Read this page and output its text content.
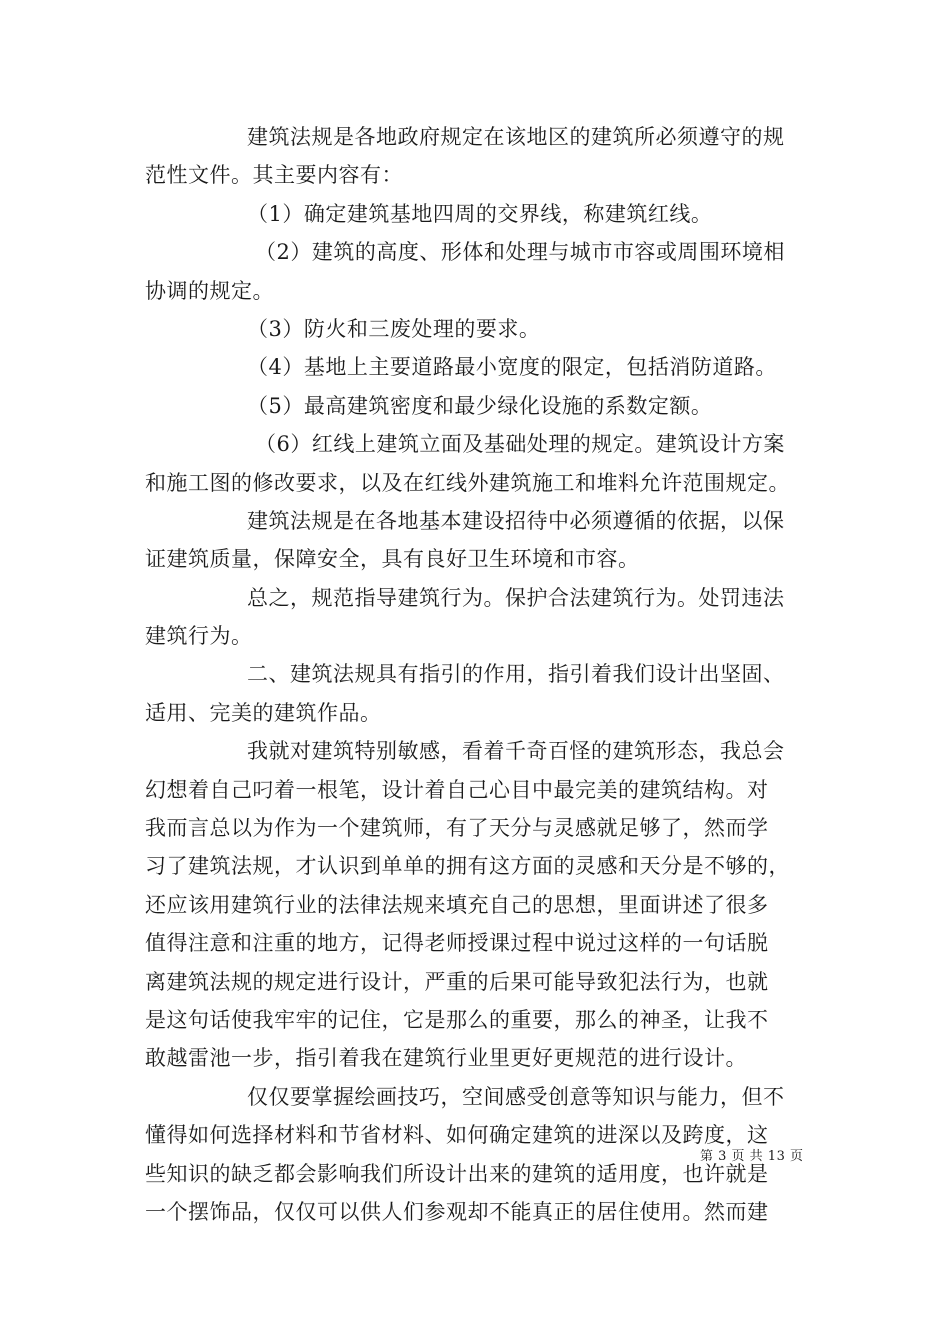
建筑法规是各地政府规定在该地区的建筑所必须遵守的规
范性文件。其主要内容有：
（1）确定建筑基地四周的交界线，称建筑红线。
（2）建筑的高度、形体和处理与城市市容或周围环境相
协调的规定。
（3）防火和三废处理的要求。
（4）基地上主要道路最小宽度的限定，包括消防道路。
（5）最高建筑密度和最少绿化设施的系数定额。
（6）红线上建筑立面及基础处理的规定。建筑设计方案
和施工图的修改要求，以及在红线外建筑施工和堆料允许范围规定。
建筑法规是在各地基本建设招待中必须遵循的依据，以保
证建筑质量，保障安全，具有良好卫生环境和市容。
总之，规范指导建筑行为。保护合法建筑行为。处罚违法
建筑行为。
二、建筑法规具有指引的作用，指引着我们设计出坚固、
适用、完美的建筑作品。
我就对建筑特别敏感，看着千奇百怪的建筑形态，我总会
幻想着自己叼着一根笔，设计着自己心目中最完美的建筑结构。对
我而言总以为作为一个建筑师，有了天分与灵感就足够了，然而学
习了建筑法规，才认识到单单的拥有这方面的灵感和天分是不够的，
还应该用建筑行业的法律法规来填充自己的思想，里面讲述了很多
值得注意和注重的地方，记得老师授课过程中说过这样的一句话脱
离建筑法规的规定进行设计，严重的后果可能导致犯法行为，也就
是这句话使我牢牢的记住，它是那么的重要，那么的神圣，让我不
敢越雷池一步，指引着我在建筑行业里更好更规范的进行设计。
仅仅要掌握绘画技巧，空间感受创意等知识与能力，但不
懂得如何选择材料和节省材料、如何确定建筑的进深以及跨度，这
些知识的缺乏都会影响我们所设计出来的建筑的适用度，也许就是
一个摆饰品，仅仅可以供人们参观却不能真正的居住使用。然而建
第 3 页 共 13 页
